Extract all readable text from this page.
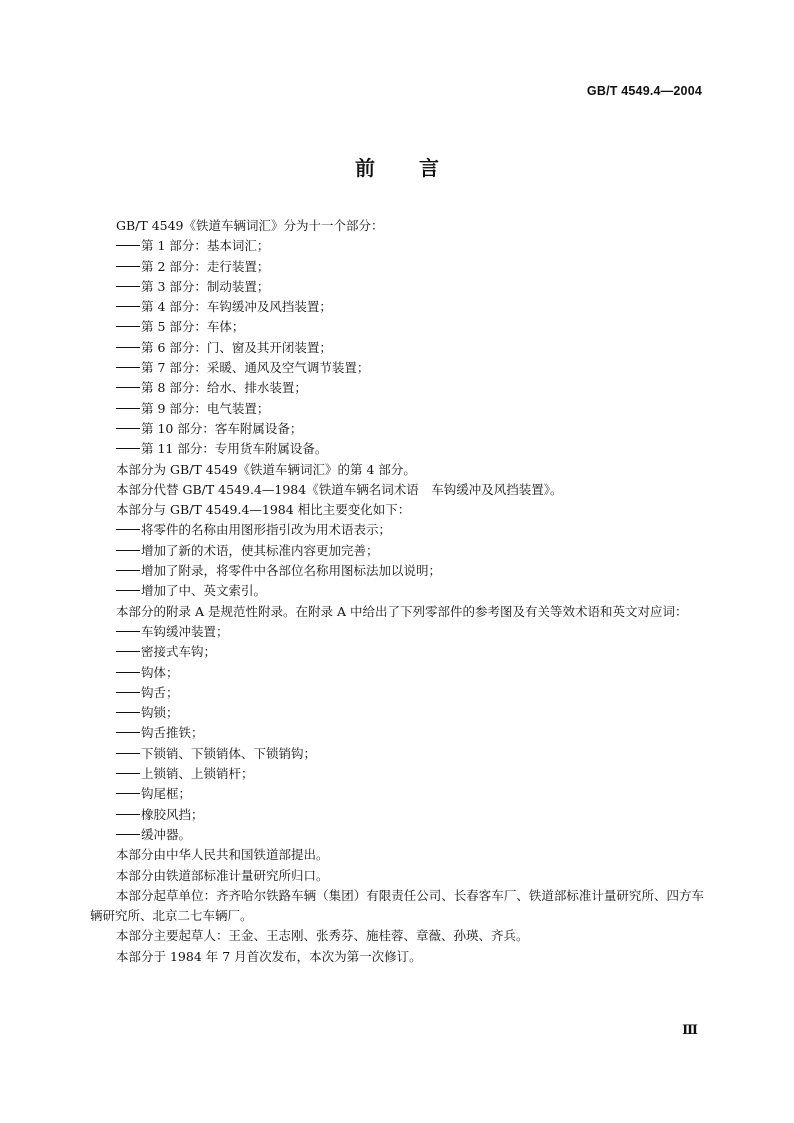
GB/T 4549.4—2004
前言
GB/T 4549《铁道车辆词汇》分为十一个部分：
第 1 部分：基本词汇；
第 2 部分：走行装置；
第 3 部分：制动装置；
第 4 部分：车钩缓冲及风挡装置；
第 5 部分：车体；
第 6 部分：门、窗及其开闭装置；
第 7 部分：采暖、通风及空气调节装置；
第 8 部分：给水、排水装置；
第 9 部分：电气装置；
第 10 部分：客车附属设备；
第 11 部分：专用货车附属设备。
本部分为 GB/T 4549《铁道车辆词汇》的第 4 部分。
本部分代替 GB/T 4549.4—1984《铁道车辆名词术语　车钩缓冲及风挡装置》。
本部分与 GB/T 4549.4—1984 相比主要变化如下：
将零件的名称由用图形指引改为用术语表示；
增加了新的术语，使其标准内容更加完善；
增加了附录，将零件中各部位名称用图标法加以说明；
增加了中、英文索引。
本部分的附录 A 是规范性附录。在附录 A 中给出了下列零部件的参考图及有关等效术语和英文对应词：
车钩缓冲装置；
密接式车钩；
钩体；
钩舌；
钩锁；
钩舌推铁；
下锁销、下锁销体、下锁销钩；
上锁销、上锁销杆；
钩尾框；
橡胶风挡；
缓冲器。
本部分由中华人民共和国铁道部提出。
本部分由铁道部标准计量研究所归口。
本部分起草单位：齐齐哈尔铁路车辆（集团）有限责任公司、长春客车厂、铁道部标准计量研究所、四方车辆研究所、北京二七车辆厂。
本部分主要起草人：王金、王志刚、张秀芬、施桂蓉、章薇、孙瑛、齐兵。
本部分于 1984 年 7 月首次发布，本次为第一次修订。
Ⅲ
